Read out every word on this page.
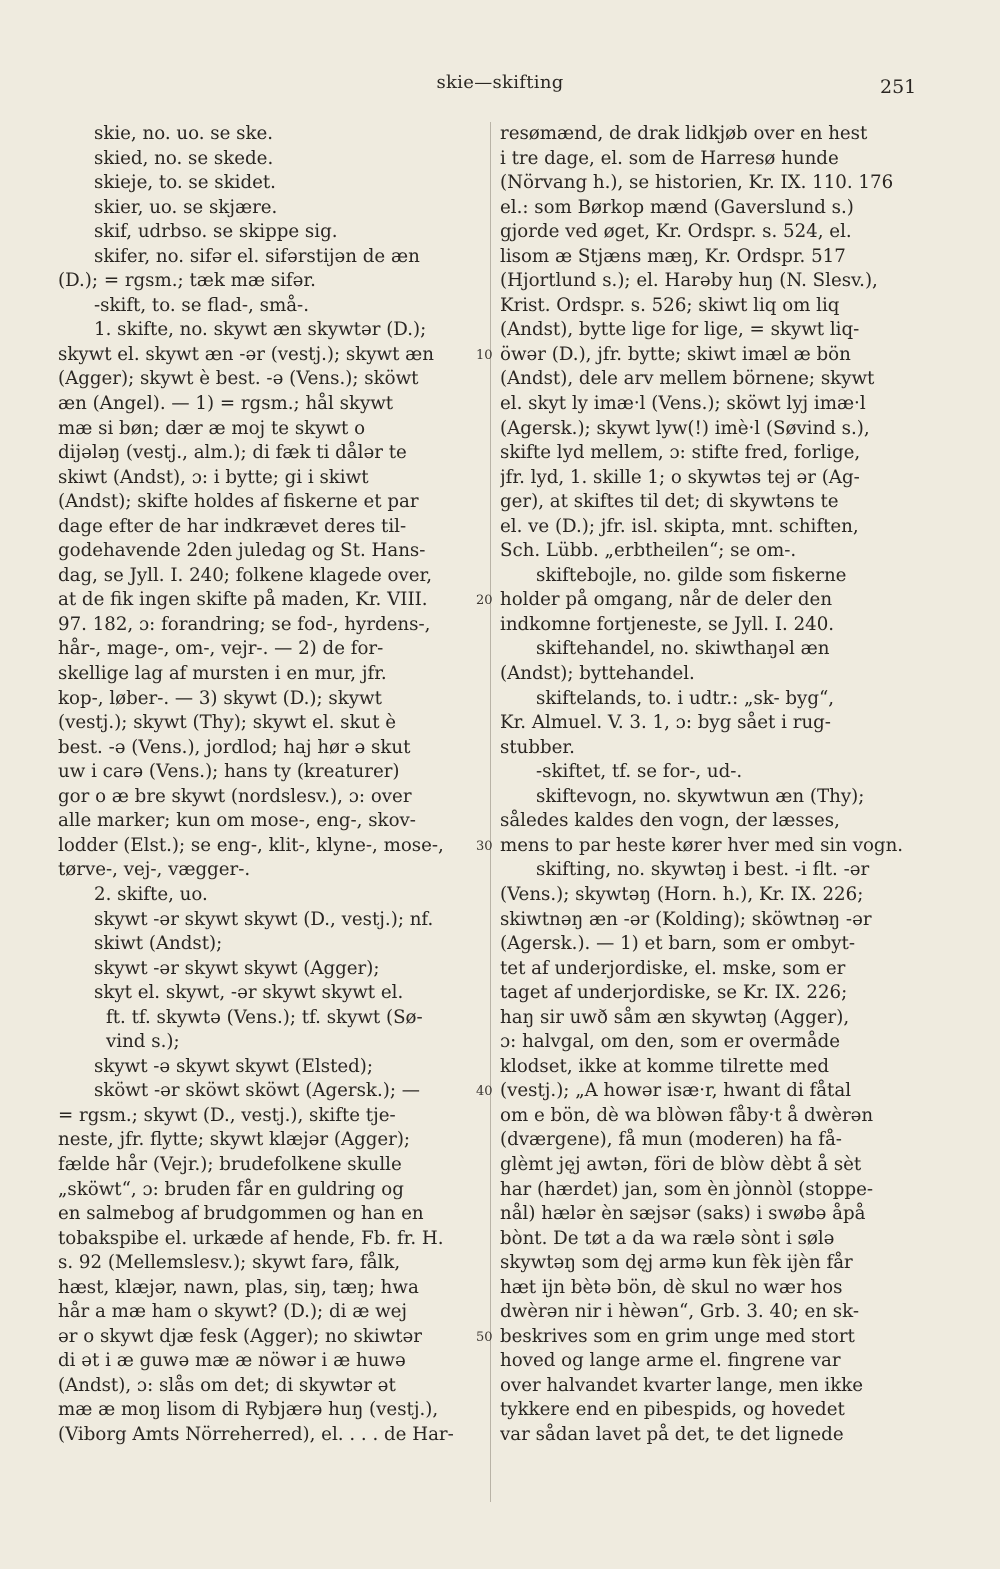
skie—skifting	251
skie, no. uo. se ske.
skied, no. se skede.
skieje, to. se skidet.
skier, uo. se skjære.
skif, udrbso. se skippe sig.
skifer, no. sifər el. sifərstijən de æn
(D.); = rgsm.; tæk mæ sifər.
-skift, to. se flad-, små-.
1. skifte, no. skywt æn skywtər (D.);
skywt el. skywt æn -ər (vestj.); skywt æn
(Agger); skywt è best. -ə (Vens.); sköwt
æn (Angel). — 1) = rgsm.; hål skywt
mæ si bøn; dær æ moj te skywt o
dijələŋ (vestj., alm.); di fæk ti dålər te
skiwt (Andst), ɔ: i bytte; gi i skiwt
(Andst); skifte holdes af fiskerne et par
dage efter de har indkrævet deres til-
godehavende 2den juledag og St. Hans-
dag, se Jyll. I. 240; folkene klagede over,
at de fik ingen skifte på maden, Kr. VIII.
97. 182, ɔ: forandring; se fod-, hyrdens-,
hår-, mage-, om-, vejr-. — 2) de for-
skellige lag af mursten i en mur, jfr.
kop-, løber-. — 3) skywt (D.); skywt
(vestj.); skywt (Thy); skywt el. skut è
best. -ə (Vens.), jordlod; haj hør ə skut
uw i carə (Vens.); hans ty (kreaturer)
gor o æ bre skywt (nordslesv.), ɔ: over
alle marker; kun om mose-, eng-, skov-
lodder (Elst.); se eng-, klit-, klyne-, mose-,
tørve-, vej-, vægger-.
2. skifte, uo.
skywt -ər skywt skywt (D., vestj.); nf.
skiwt (Andst);
skywt -ər skywt skywt (Agger);
skyt el. skywt, -ər skywt skywt el.
ft. tf. skywtə (Vens.); tf. skywt (Sø-
vind s.);
skywt -ə skywt skywt (Elsted);
sköwt -ər sköwt sköwt (Agersk.); —
= rgsm.; skywt (D., vestj.), skifte tje-
neste, jfr. flytte; skywt klæjər (Agger);
fælde hår (Vejr.); brudefolkene skulle
„sköwt“, ɔ: bruden får en guldring og
en salmebog af brudgommen og han en
tobakspibe el. urkæde af hende, Fb. fr. H.
s. 92 (Mellemslesv.); skywt farə, fålk,
hæst, klæjər, nawn, plas, siŋ, tæŋ; hwa
hår a mæ ham o skywt? (D.); di æ wej
ər o skywt djæ fesk (Agger); no skiwtər
di ət i æ guwə mæ æ nöwər i æ huwə
(Andst), ɔ: slås om det; di skywtər ət
mæ æ moŋ lisom di Rybjærə huŋ (vestj.),
(Viborg Amts Nörreherred), el. . . . de Har-
resømænd, de drak lidkjøb over en hest
i tre dage, el. som de Harresø hunde
(Nörvang h.), se historien, Kr. IX. 110. 176
el.: som Børkop mænd (Gaverslund s.)
gjorde ved øget, Kr. Ordspr. s. 524, el.
lisom æ Stjæns mæŋ, Kr. Ordspr. 517
(Hjortlund s.); el. Harəby huŋ (N. Slesv.),
Krist. Ordspr. s. 526; skiwt liq om liq
(Andst), bytte lige for lige, = skywt liq-
öwər (D.), jfr. bytte; skiwt imæl æ bön
(Andst), dele arv mellem börnene; skywt
el. skyt ly imæ·l (Vens.); sköwt lyj imæ·l
(Agersk.); skywt lyw(!) imè·l (Søvind s.),
skifte lyd mellem, ɔ: stifte fred, forlige,
jfr. lyd, 1. skille 1; o skywtəs tej ər (Ag-
ger), at skiftes til det; di skywtəns te
el. ve (D.); jfr. isl. skipta, mnt. schiften,
Sch. Lübb. „erbtheilen“; se om-.
skiftebojle, no. gilde som fiskerne
holder på omgang, når de deler den
indkomne fortjeneste, se Jyll. I. 240.
skiftehandel, no. skiwthaŋəl æn
(Andst); byttehandel.
skiftelands, to. i udtr.: „sk- byg“,
Kr. Almuel. V. 3. 1, ɔ: byg sået i rug-
stubber.
-skiftet, tf. se for-, ud-.
skiftevogn, no. skywtwun æn (Thy);
således kaldes den vogn, der læsses,
mens to par heste kører hver med sin vogn.
skifting, no. skywtəŋ i best. -i flt. -ər
(Vens.); skywtəŋ (Horn. h.), Kr. IX. 226;
skiwtnəŋ æn -ər (Kolding); sköwtnəŋ -ər
(Agersk.). — 1) et barn, som er ombyt-
tet af underjordiske, el. mske, som er
taget af underjordiske, se Kr. IX. 226;
haŋ sir uwð såm æn skywtəŋ (Agger),
ɔ: halvgal, om den, som er overmåde
klodset, ikke at komme tilrette med
(vestj.); „A howər isæ·r, hwant di fåtal
om e bön, dè wa blòwən fåby·t å dwèrən
(dværgene), få mun (moderen) ha få-
glèmt jęj awtən, föri de blòw dèbt å sèt
har (hærdet) jan, som èn jònnòl (stoppe-
nål) hælər èn sæjsər (saks) i swøbə åpå
bònt. De tøt a da wa rælə sònt i sølə
skywtəŋ som dęj armə kun fèk ijèn får
hæt ijn bètə bön, dè skul no wær hos
dwèrən nir i hèwən“, Grb. 3. 40; en sk-
beskrives som en grim unge med stort
hoved og lange arme el. fingrene var
over halvandet kvarter lange, men ikke
tykkere end en pibespids, og hovedet
var sådan lavet på det, te det lignede
10
20
30
40
50
